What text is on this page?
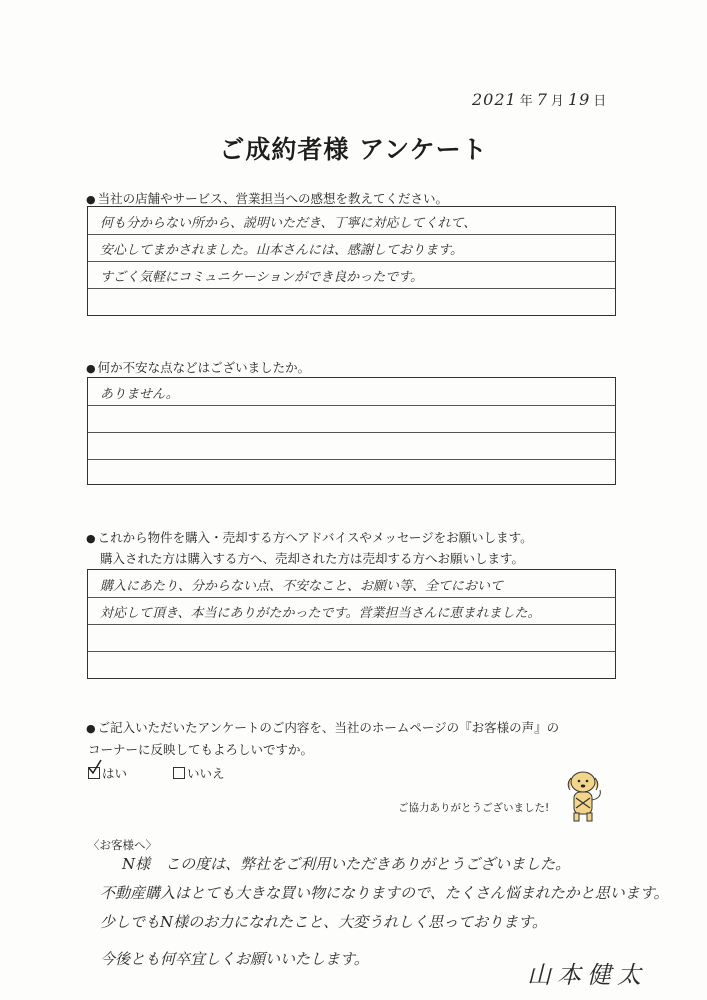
2021 年 7 月 19 日
ご成約者様 アンケート
● 当社の店舗やサービス、営業担当への感想を教えてください。
何も分からない所から、説明いただき、丁寧に対応してくれて、
安心してまかされました。山本さんには、感謝しております。
すごく気軽にコミュニケーションができ良かったです。
● 何か不安な点などはございましたか。
ありません。
● これから物件を購入・売却する方へアドバイスやメッセージをお願いします。
購入された方は購入する方へ、売却された方は売却する方へお願いします。
購入にあたり、分からない点、不安なこと、お願い等、全てにおいて
対応して頂き、本当にありがたかったです。営業担当さんに恵まれました。
● ご記入いただいたアンケートのご内容を、当社のホームページの『お客様の声』の
コーナーに反映してもよろしいですか。
はい	いいえ
ご協力ありがとうございました!
〈お客様へ〉
N様　この度は、弊社をご利用いただきありがとうございました。
不動産購入はとても大きな買い物になりますので、たくさん悩まれたかと思います。
少しでもN様のお力になれたこと、大変うれしく思っております。
今後とも何卒宜しくお願いいたします。
山本健太
